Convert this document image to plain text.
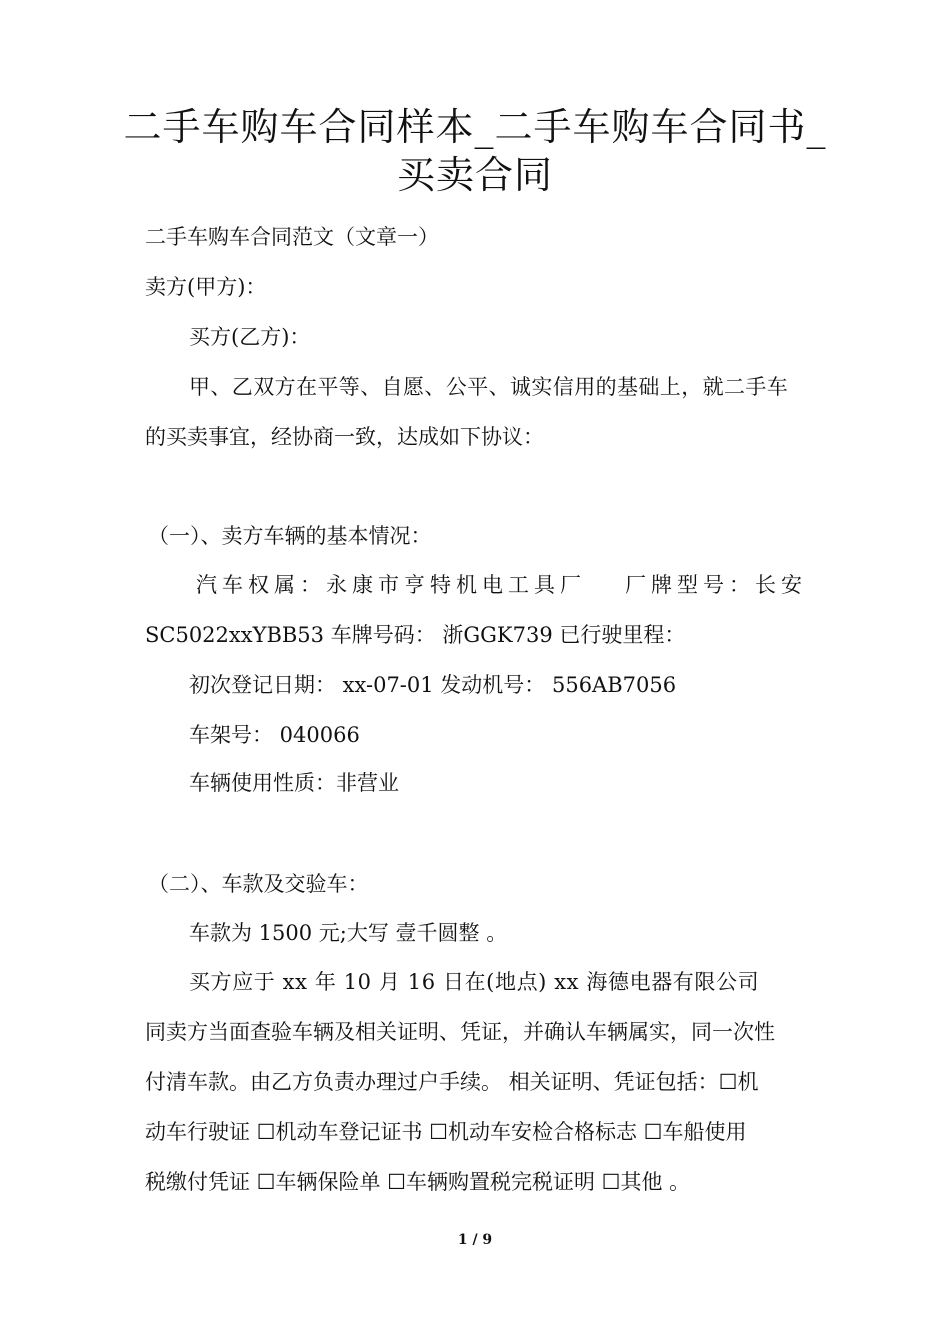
二手车购车合同样本_二手车购车合同书_
买卖合同
二手车购车合同范文（文章一）
卖方(甲方)：
买方(乙方)：
甲、乙双方在平等、自愿、公平、诚实信用的基础上，就二手车
的买卖事宜，经协商一致，达成如下协议：
（一）、卖方车辆的基本情况：
汽车权属：永康市亨特机电工具厂 厂牌型号：长安
SC5022xxYBB53 车牌号码： 浙GGK739 已行驶里程：
初次登记日期： xx-07-01 发动机号： 556AB7056
车架号： 040066
车辆使用性质：非营业
（二）、车款及交验车：
车款为 1500 元;大写 壹千圆整 。
买方应于 xx 年 10 月 16 日在(地点) xx 海德电器有限公司
同卖方当面查验车辆及相关证明、凭证，并确认车辆属实，同一次性
付清车款。由乙方负责办理过户手续。 相关证明、凭证包括：☐机
动车行驶证 ☐机动车登记证书 ☐机动车安检合格标志 ☐车船使用
税缴付凭证 ☐车辆保险单 ☐车辆购置税完税证明 ☐其他 。
1 / 9
